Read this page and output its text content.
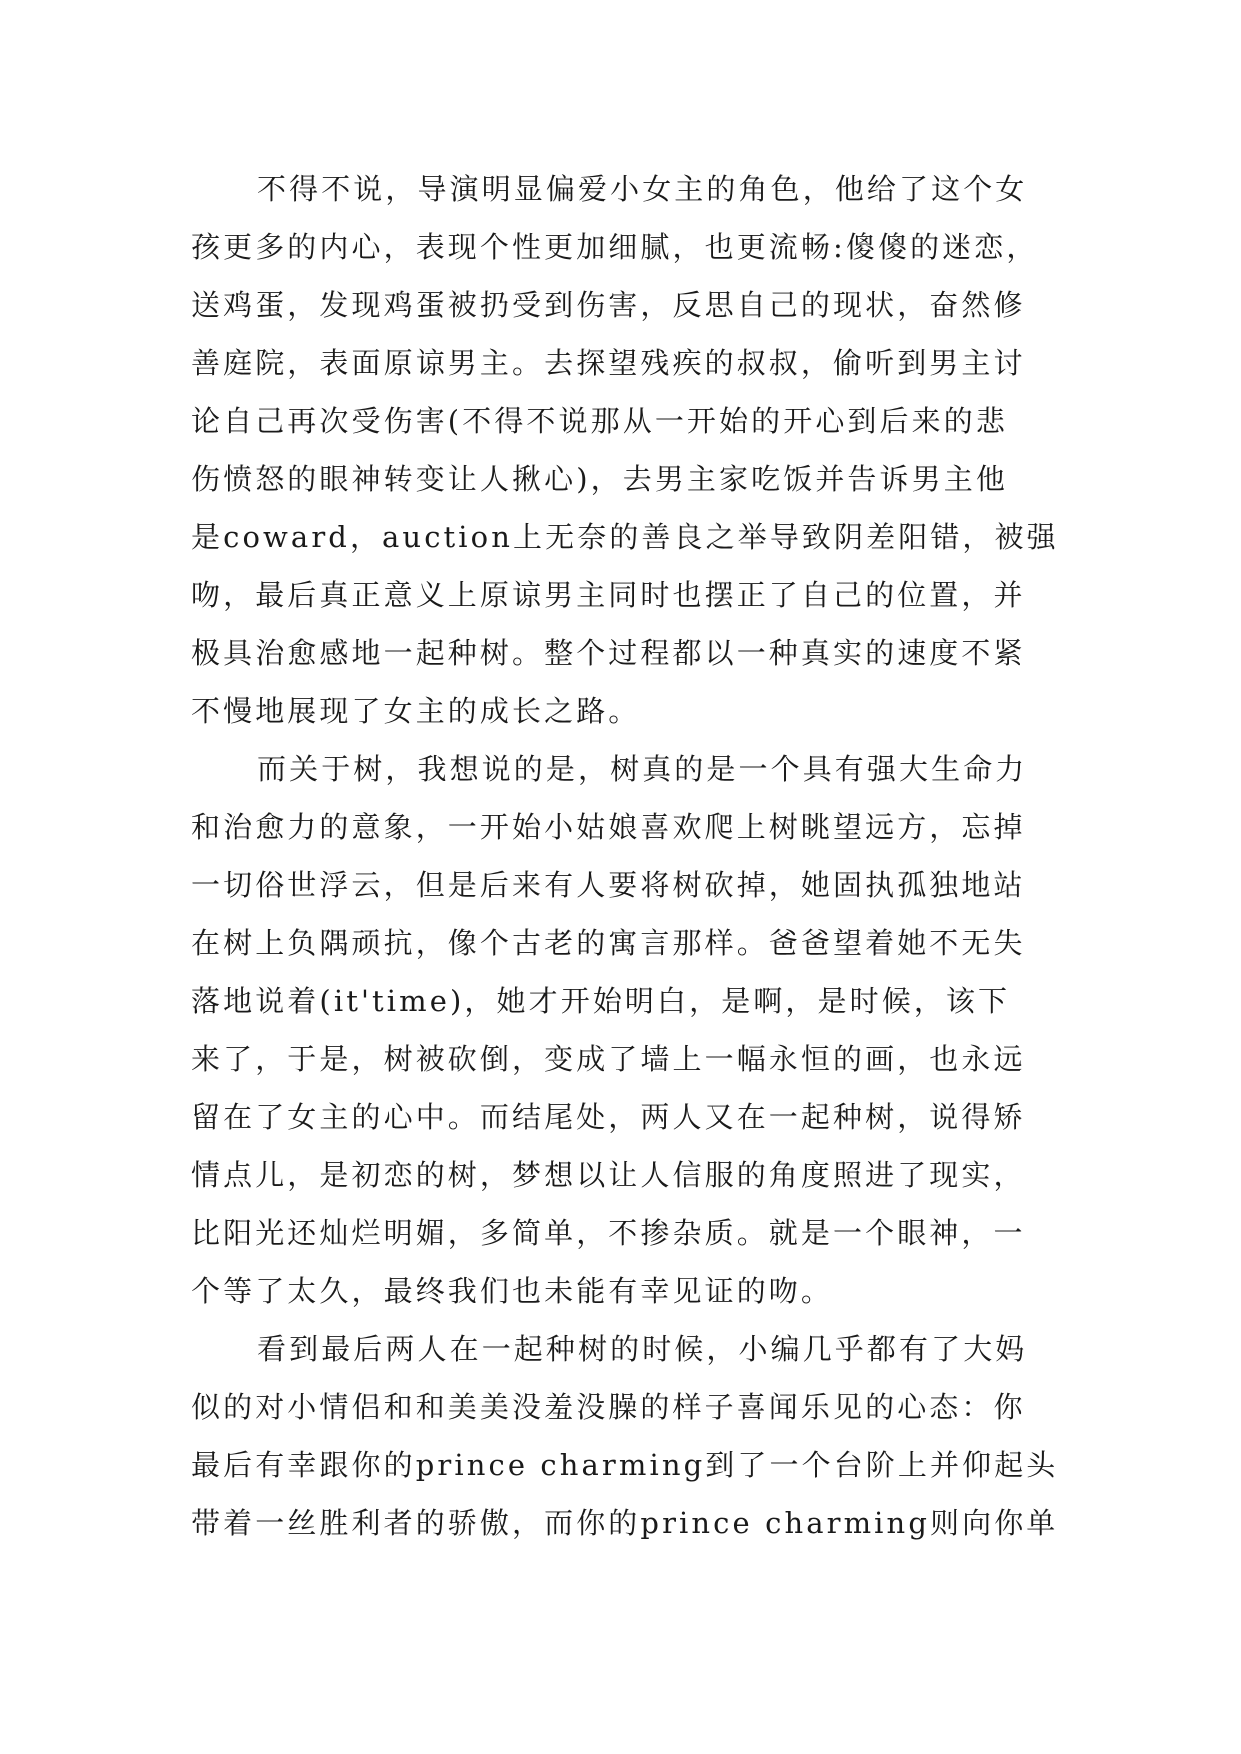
不得不说，导演明显偏爱小女主的角色，他给了这个女
孩更多的内心，表现个性更加细腻，也更流畅:傻傻的迷恋，
送鸡蛋，发现鸡蛋被扔受到伤害，反思自己的现状，奋然修
善庭院，表面原谅男主。去探望残疾的叔叔，偷听到男主讨
论自己再次受伤害(不得不说那从一开始的开心到后来的悲
伤愤怒的眼神转变让人揪心)，去男主家吃饭并告诉男主他
是coward，auction上无奈的善良之举导致阴差阳错，被强
吻，最后真正意义上原谅男主同时也摆正了自己的位置，并
极具治愈感地一起种树。整个过程都以一种真实的速度不紧
不慢地展现了女主的成长之路。
而关于树，我想说的是，树真的是一个具有强大生命力
和治愈力的意象，一开始小姑娘喜欢爬上树眺望远方，忘掉
一切俗世浮云，但是后来有人要将树砍掉，她固执孤独地站
在树上负隅顽抗，像个古老的寓言那样。爸爸望着她不无失
落地说着(it'time)，她才开始明白，是啊，是时候，该下
来了，于是，树被砍倒，变成了墙上一幅永恒的画，也永远
留在了女主的心中。而结尾处，两人又在一起种树，说得矫
情点儿，是初恋的树，梦想以让人信服的角度照进了现实，
比阳光还灿烂明媚，多简单，不掺杂质。就是一个眼神，一
个等了太久，最终我们也未能有幸见证的吻。
看到最后两人在一起种树的时候，小编几乎都有了大妈
似的对小情侣和和美美没羞没臊的样子喜闻乐见的心态：你
最后有幸跟你的prince charming到了一个台阶上并仰起头
带着一丝胜利者的骄傲，而你的prince charming则向你单
